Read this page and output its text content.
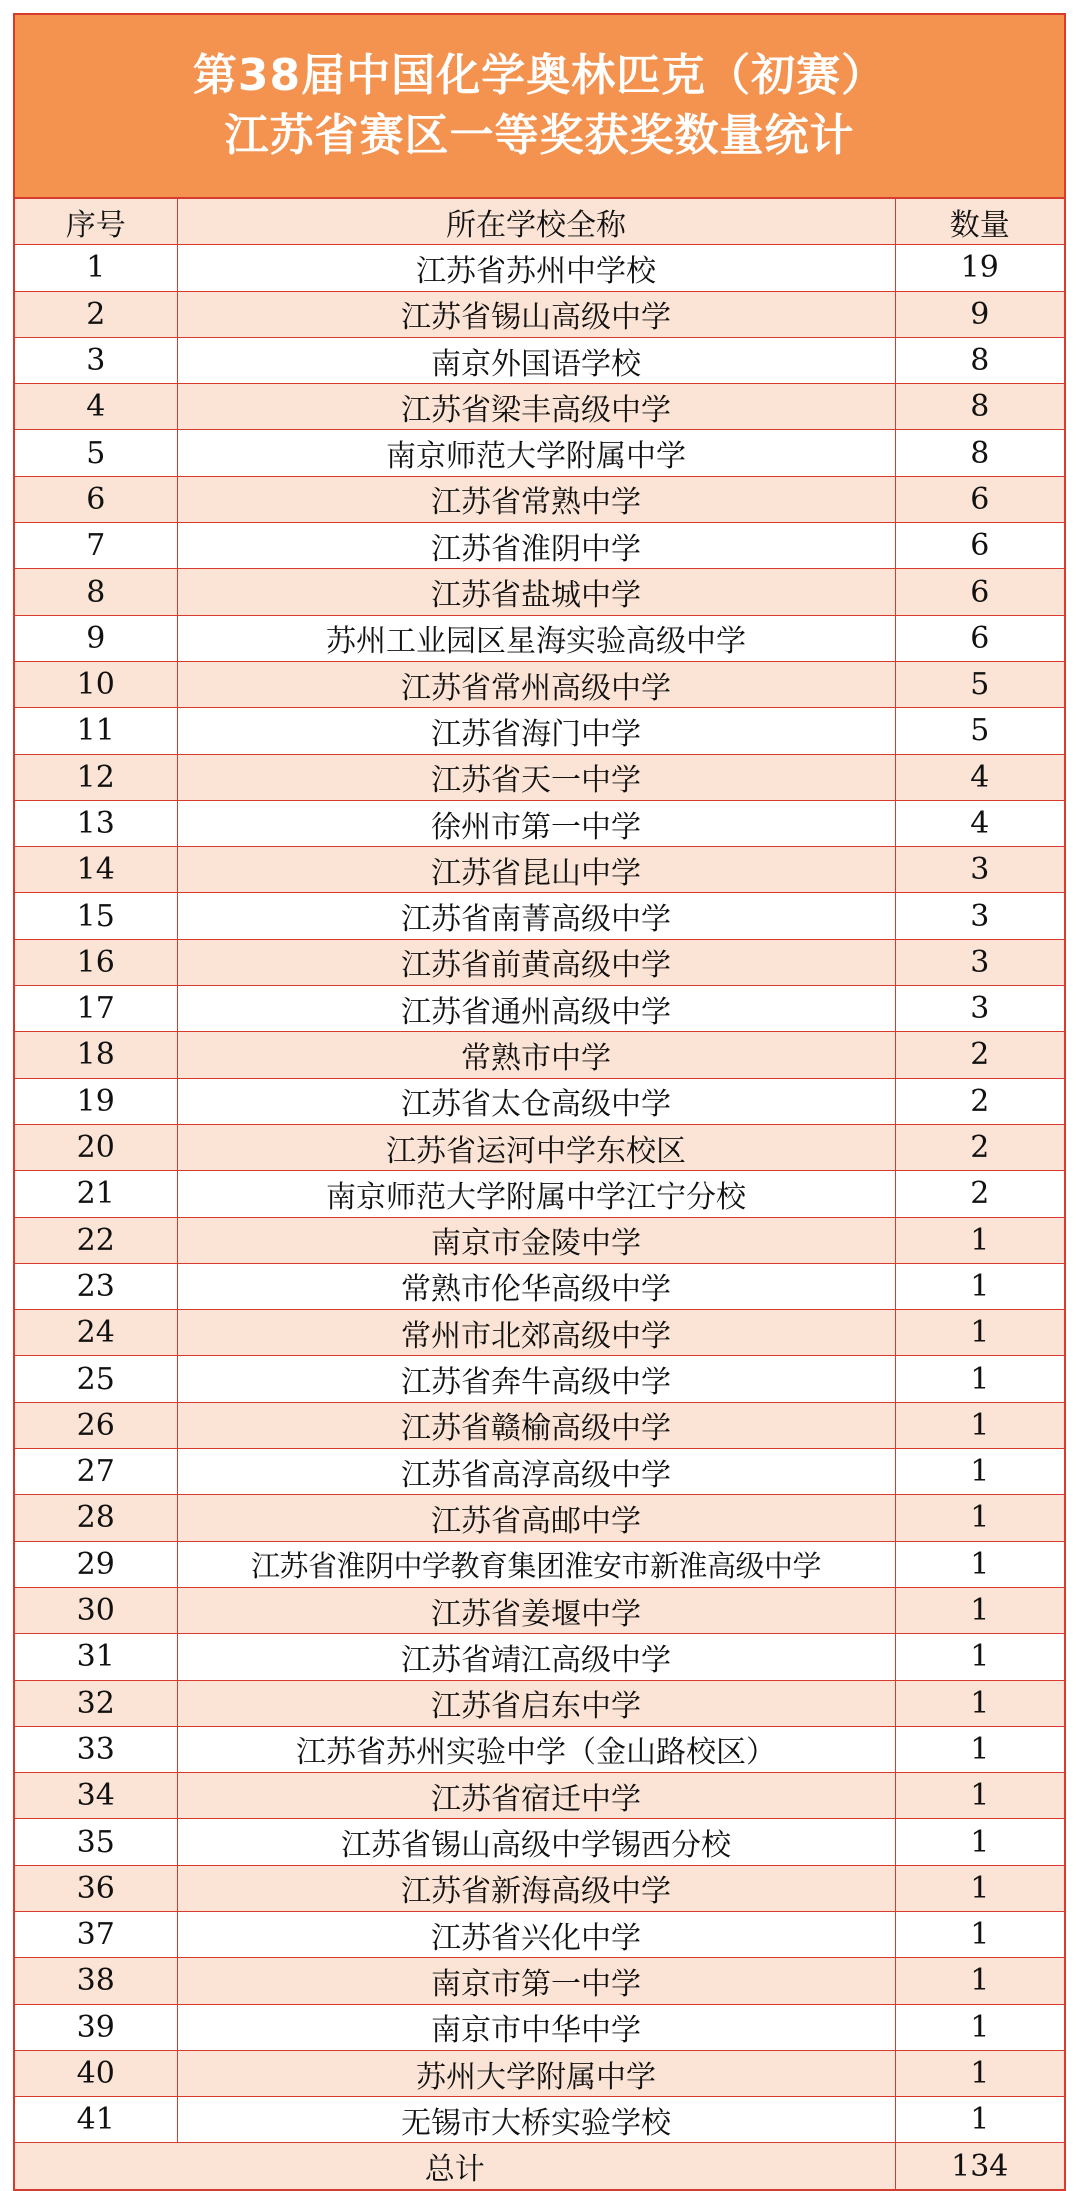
第38届中国化学奥林匹克（初赛）
江苏省赛区一等奖获奖数量统计
序号	所在学校全称	数量
1	江苏省苏州中学校	19
2	江苏省锡山高级中学	9
3	南京外国语学校	8
4	江苏省梁丰高级中学	8
5	南京师范大学附属中学	8
6	江苏省常熟中学	6
7	江苏省淮阴中学	6
8	江苏省盐城中学	6
9	苏州工业园区星海实验高级中学	6
10	江苏省常州高级中学	5
11	江苏省海门中学	5
12	江苏省天一中学	4
13	徐州市第一中学	4
14	江苏省昆山中学	3
15	江苏省南菁高级中学	3
16	江苏省前黄高级中学	3
17	江苏省通州高级中学	3
18	常熟市中学	2
19	江苏省太仓高级中学	2
20	江苏省运河中学东校区	2
21	南京师范大学附属中学江宁分校	2
22	南京市金陵中学	1
23	常熟市伦华高级中学	1
24	常州市北郊高级中学	1
25	江苏省奔牛高级中学	1
26	江苏省赣榆高级中学	1
27	江苏省高淳高级中学	1
28	江苏省高邮中学	1
29	江苏省淮阴中学教育集团淮安市新淮高级中学	1
30	江苏省姜堰中学	1
31	江苏省靖江高级中学	1
32	江苏省启东中学	1
33	江苏省苏州实验中学（金山路校区）	1
34	江苏省宿迁中学	1
35	江苏省锡山高级中学锡西分校	1
36	江苏省新海高级中学	1
37	江苏省兴化中学	1
38	南京市第一中学	1
39	南京市中华中学	1
40	苏州大学附属中学	1
41	无锡市大桥实验学校	1
总计		134
